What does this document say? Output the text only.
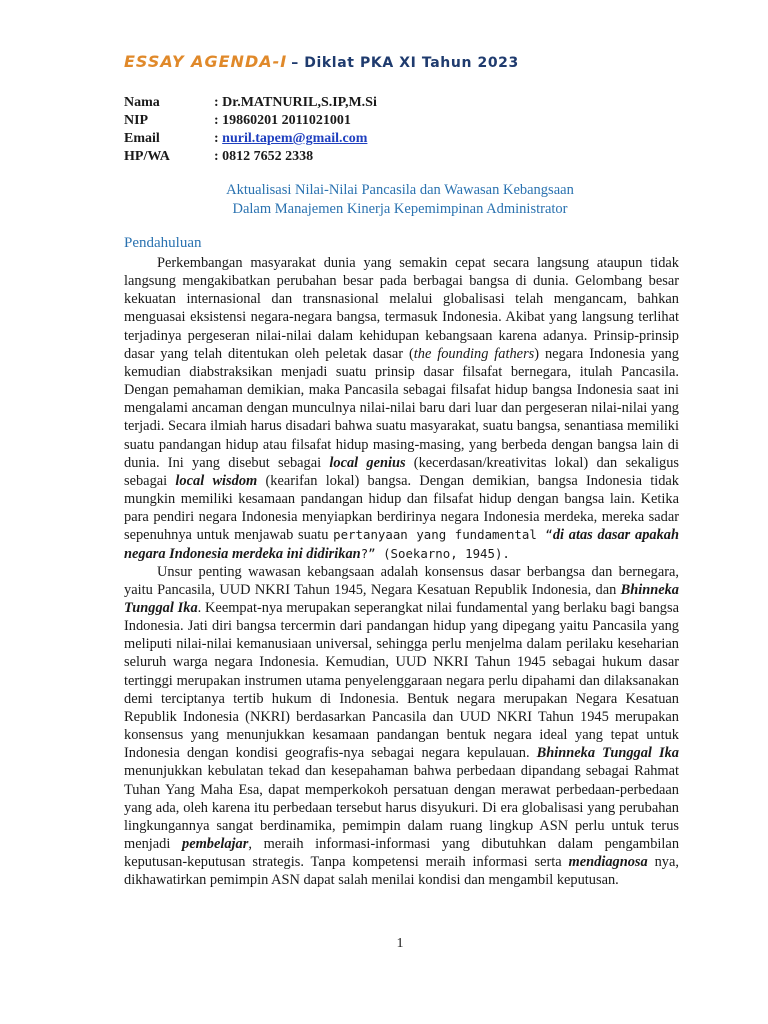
ESSAY AGENDA-I – Diklat PKA XI Tahun 2023
Nama	: Dr.MATNURIL,S.IP,M.Si
NIP	: 19860201 2011021001
Email	: nuril.tapem@gmail.com
HP/WA	: 0812 7652 2338
Aktualisasi Nilai-Nilai Pancasila dan Wawasan Kebangsaan
Dalam Manajemen Kinerja Kepemimpinan Administrator
Pendahuluan

Perkembangan masyarakat dunia yang semakin cepat secara langsung ataupun tidak langsung mengakibatkan perubahan besar pada berbagai bangsa di dunia. Gelombang besar kekuatan internasional dan transnasional melalui globalisasi telah mengancam, bahkan menguasai eksistensi negara-negara bangsa, termasuk Indonesia. Akibat yang langsung terlihat terjadinya pergeseran nilai-nilai dalam kehidupan kebangsaan karena adanya. Prinsip-prinsip dasar yang telah ditentukan oleh peletak dasar (the founding fathers) negara Indonesia yang kemudian diabstraksikan menjadi suatu prinsip dasar filsafat bernegara, itulah Pancasila. Dengan pemahaman demikian, maka Pancasila sebagai filsafat hidup bangsa Indonesia saat ini mengalami ancaman dengan munculnya nilai-nilai baru dari luar dan pergeseran nilai-nilai yang terjadi. Secara ilmiah harus disadari bahwa suatu masyarakat, suatu bangsa, senantiasa memiliki suatu pandangan hidup atau filsafat hidup masing-masing, yang berbeda dengan bangsa lain di dunia. Ini yang disebut sebagai local genius (kecerdasan/kreativitas lokal) dan sekaligus sebagai local wisdom (kearifan lokal) bangsa. Dengan demikian, bangsa Indonesia tidak mungkin memiliki kesamaan pandangan hidup dan filsafat hidup dengan bangsa lain. Ketika para pendiri negara Indonesia menyiapkan berdirinya negara Indonesia merdeka, mereka sadar sepenuhnya untuk menjawab suatu pertanyaan yang fundamental “di atas dasar apakah negara Indonesia merdeka ini didirikan?” (Soekarno, 1945).

Unsur penting wawasan kebangsaan adalah konsensus dasar berbangsa dan bernegara, yaitu Pancasila, UUD NKRI Tahun 1945, Negara Kesatuan Republik Indonesia, dan Bhinneka Tunggal Ika. Keempat-nya merupakan seperangkat nilai fundamental yang berlaku bagi bangsa Indonesia. Jati diri bangsa tercermin dari pandangan hidup yang dipegang yaitu Pancasila yang meliputi nilai-nilai kemanusiaan universal, sehingga perlu menjelma dalam perilaku keseharian seluruh warga negara Indonesia. Kemudian, UUD NKRI Tahun 1945 sebagai hukum dasar tertinggi merupakan instrumen utama penyelenggaraan negara perlu dipahami dan dilaksanakan demi terciptanya tertib hukum di Indonesia. Bentuk negara merupakan Negara Kesatuan Republik Indonesia (NKRI) berdasarkan Pancasila dan UUD NKRI Tahun 1945 merupakan konsensus yang menunjukkan kesamaan pandangan bentuk negara ideal yang tepat untuk Indonesia dengan kondisi geografis-nya sebagai negara kepulauan. Bhinneka Tunggal Ika menunjukkan kebulatan tekad dan kesepahaman bahwa perbedaan dipandang sebagai Rahmat Tuhan Yang Maha Esa, dapat memperkokoh persatuan dengan merawat perbedaan-perbedaan yang ada, oleh karena itu perbedaan tersebut harus disyukuri. Di era globalisasi yang perubahan lingkungannya sangat berdinamika, pemimpin dalam ruang lingkup ASN perlu untuk terus menjadi pembelajar, meraih informasi-informasi yang dibutuhkan dalam pengambilan keputusan-keputusan strategis. Tanpa kompetensi meraih informasi serta mendiagnosa nya, dikhawatirkan pemimpin ASN dapat salah menilai kondisi dan mengambil keputusan.

1
